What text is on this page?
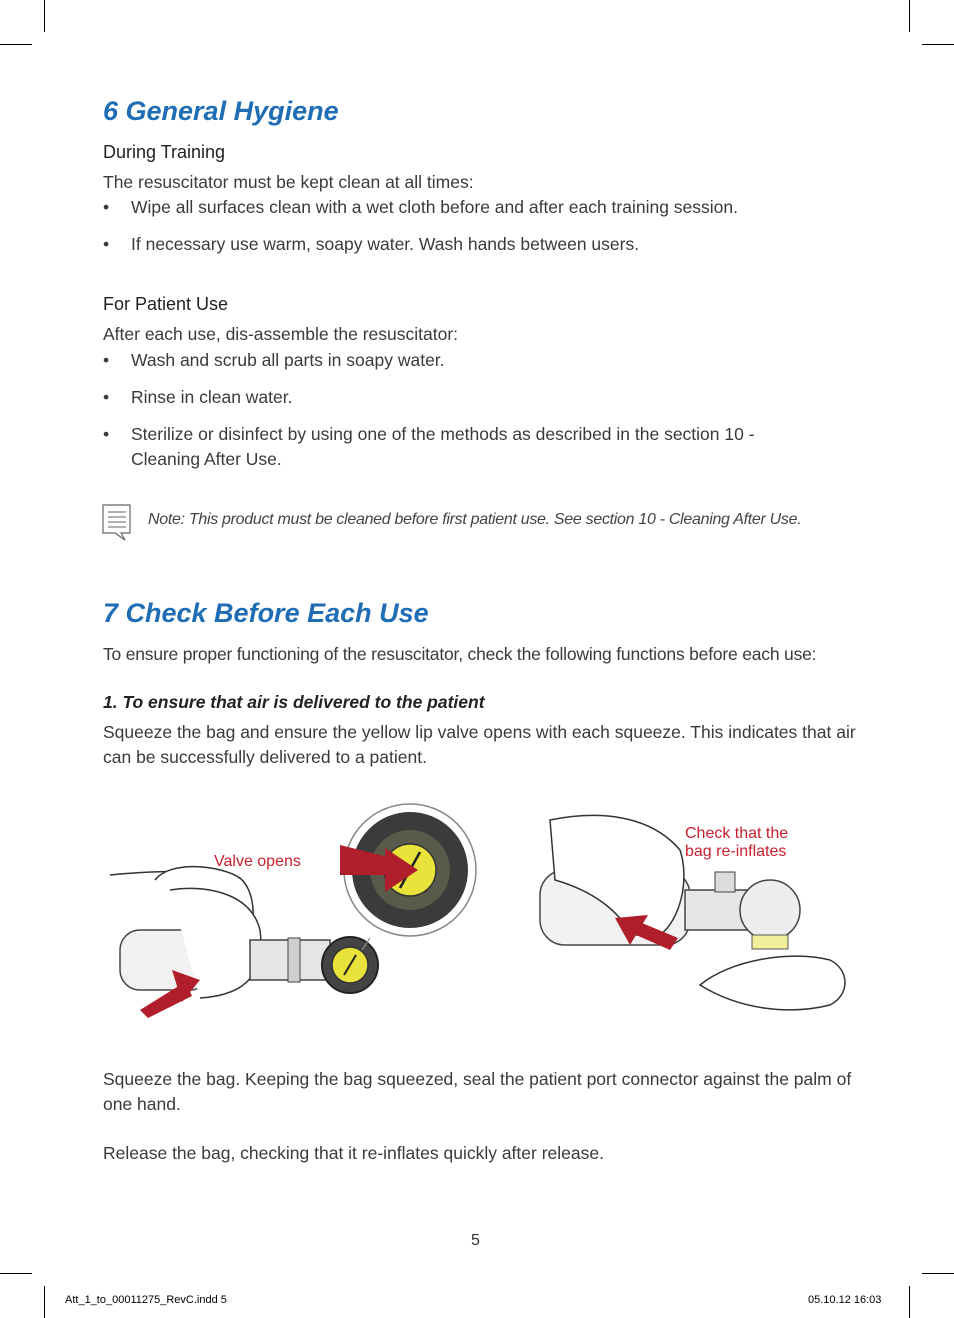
6 General Hygiene
During Training
The resuscitator must be kept clean at all times:
•	Wipe all surfaces clean with a wet cloth before and after each training session.
•	If necessary use warm, soapy water. Wash hands between users.
For Patient Use
After each use, dis-assemble the resuscitator:
•	Wash and scrub all parts in soapy water.
•	Rinse in clean water.
•	Sterilize or disinfect by using one of the methods as described in the section 10 - Cleaning After Use.
Note: This product must be cleaned before first patient use. See section 10 - Cleaning After Use.
7 Check Before Each Use
To ensure proper functioning of the resuscitator, check the following functions before each use:
1. To ensure that air is delivered to the patient
Squeeze the bag and ensure the yellow lip valve opens with each squeeze. This indicates that air can be successfully delivered to a patient.
Valve opens
Check that the
bag re-inflates
Squeeze the bag. Keeping the bag squeezed, seal the patient port connector against the palm of one hand.
Release the bag, checking that it re-inflates quickly after release.
5
Att_1_to_00011275_RevC.indd 5	05.10.12 16:03
